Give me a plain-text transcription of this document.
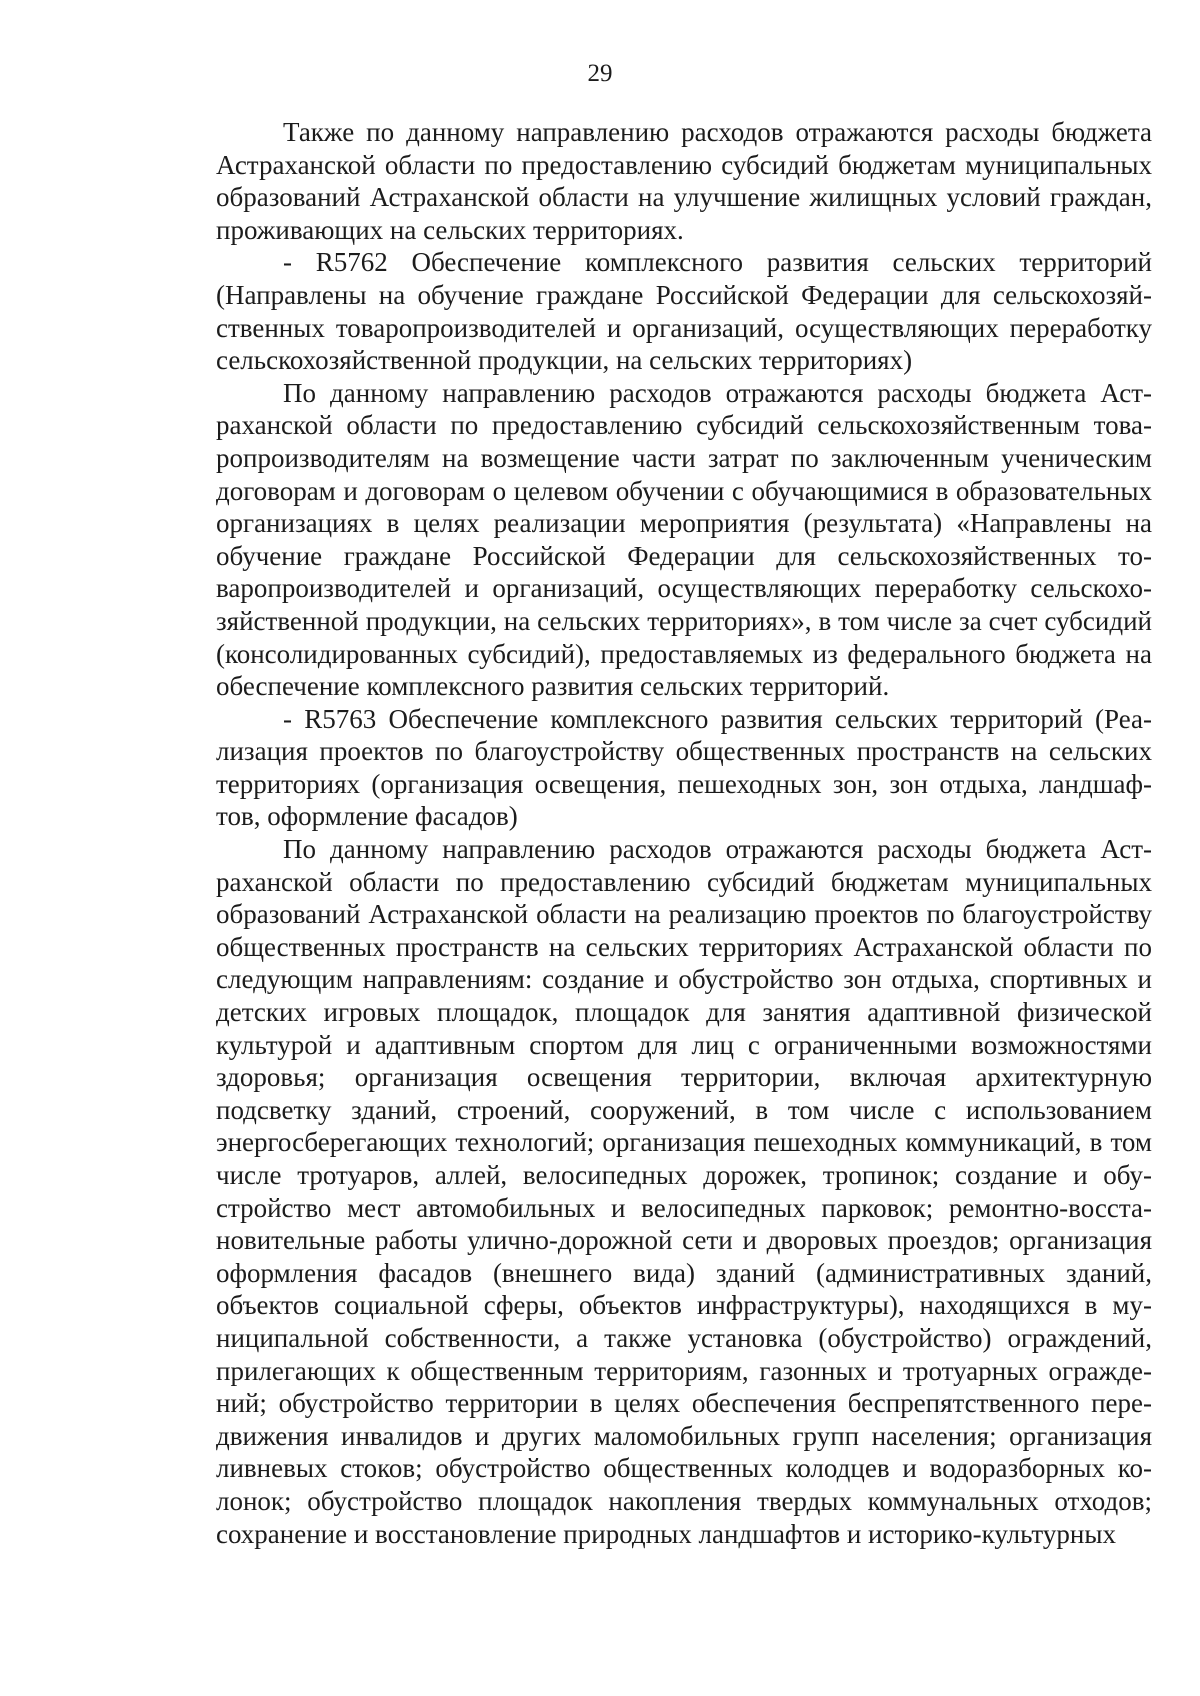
29

Также по данному направлению расходов отражаются расходы бюджета Астраханской области по предоставлению субсидий бюджетам муниципальных образований Астраханской области на улучшение жилищных условий граждан, проживающих на сельских территориях.

- R5762 Обеспечение комплексного развития сельских территорий (Направлены на обучение граждане Российской Федерации для сельскохозяйственных товаропроизводителей и организаций, осуществляющих переработку сельскохозяйственной продукции, на сельских территориях)

По данному направлению расходов отражаются расходы бюджета Астраханской области по предоставлению субсидий сельскохозяйственным товаропроизводителям на возмещение части затрат по заключенным ученическим договорам и договорам о целевом обучении с обучающимися в образовательных организациях в целях реализации мероприятия (результата) «Направлены на обучение граждане Российской Федерации для сельскохозяйственных товаропроизводителей и организаций, осуществляющих переработку сельскохозяйственной продукции, на сельских территориях», в том числе за счет субсидий (консолидированных субсидий), предоставляемых из федерального бюджета на обеспечение комплексного развития сельских территорий.

- R5763 Обеспечение комплексного развития сельских территорий (Реализация проектов по благоустройству общественных пространств на сельских территориях (организация освещения, пешеходных зон, зон отдыха, ландшафтов, оформление фасадов)

По данному направлению расходов отражаются расходы бюджета Астраханской области по предоставлению субсидий бюджетам муниципальных образований Астраханской области на реализацию проектов по благоустройству общественных пространств на сельских территориях Астраханской области по следующим направлениям: создание и обустройство зон отдыха, спортивных и детских игровых площадок, площадок для занятия адаптивной физической культурой и адаптивным спортом для лиц с ограниченными возможностями здоровья; организация освещения территории, включая архитектурную подсветку зданий, строений, сооружений, в том числе с использованием энергосберегающих технологий; организация пешеходных коммуникаций, в том числе тротуаров, аллей, велосипедных дорожек, тропинок; создание и обустройство мест автомобильных и велосипедных парковок; ремонтно-восстановительные работы улично-дорожной сети и дворовых проездов; организация оформления фасадов (внешнего вида) зданий (административных зданий, объектов социальной сферы, объектов инфраструктуры), находящихся в муниципальной собственности, а также установка (обустройство) ограждений, прилегающих к общественным территориям, газонных и тротуарных ограждений; обустройство территории в целях обеспечения беспрепятственного передвижения инвалидов и других маломобильных групп населения; организация ливневых стоков; обустройство общественных колодцев и водоразборных колонок; обустройство площадок накопления твердых коммунальных отходов; сохранение и восстановление природных ландшафтов и историко-культурных
